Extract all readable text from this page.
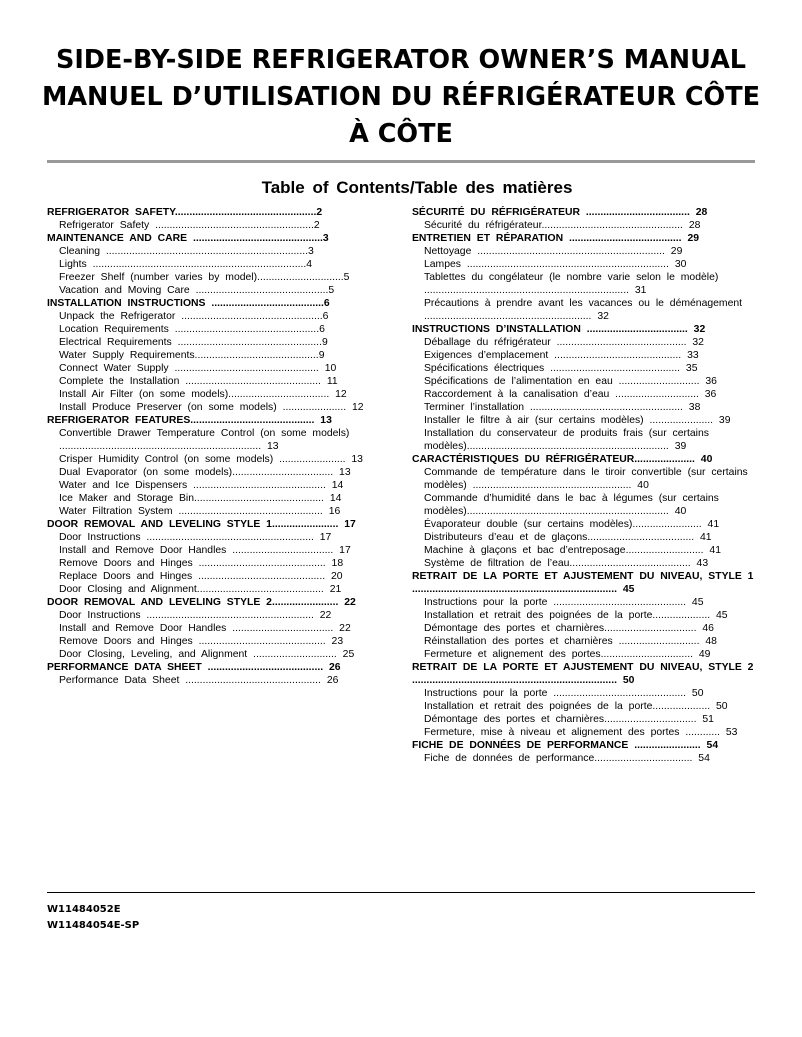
SIDE-BY-SIDE REFRIGERATOR OWNER’S MANUAL
MANUEL D’UTILISATION DU RÉFRIGÉRATEUR CÔTE
À CÔTE
Table of Contents/Table des matières
REFRIGERATOR SAFETY.................................................2
Refrigerator Safety .......................................................2
MAINTENANCE AND CARE .............................................3
Cleaning ......................................................................3
Lights ..........................................................................4
Freezer Shelf (number varies by model)..............................5
Vacation and Moving Care ..............................................5
INSTALLATION INSTRUCTIONS .......................................6
Unpack the Refrigerator .................................................6
Location Requirements ..................................................6
Electrical Requirements ..................................................9
Water Supply Requirements...........................................9
Connect Water Supply .................................................. 10
Complete the Installation ............................................... 11
Install Air Filter (on some models)................................... 12
Install Produce Preserver (on some models) ...................... 12
REFRIGERATOR FEATURES........................................... 13
Convertible Drawer Temperature Control (on some models) ...................................................................... 13
Crisper Humidity Control (on some models) ....................... 13
Dual Evaporator (on some models)................................... 13
Water and Ice Dispensers .............................................. 14
Ice Maker and Storage Bin............................................. 14
Water Filtration System .................................................. 16
DOOR REMOVAL AND LEVELING STYLE 1....................... 17
Door Instructions .......................................................... 17
Install and Remove Door Handles ................................... 17
Remove Doors and Hinges ............................................ 18
Replace Doors and Hinges ............................................ 20
Door Closing and Alignment............................................ 21
DOOR REMOVAL AND LEVELING STYLE 2....................... 22
Door Instructions .......................................................... 22
Install and Remove Door Handles ................................... 22
Remove Doors and Hinges ............................................ 23
Door Closing, Leveling, and Alignment ............................. 25
PERFORMANCE DATA SHEET ........................................ 26
Performance Data Sheet ............................................... 26
SÉCURITÉ DU RÉFRIGÉRATEUR .................................... 28
Sécurité du réfrigérateur................................................. 28
ENTRETIEN ET RÉPARATION ....................................... 29
Nettoyage ................................................................. 29
Lampes ...................................................................... 30
Tablettes du congélateur (le nombre varie selon le modèle) ....................................................................... 31
Précautions à prendre avant les vacances ou le déménagement .......................................................... 32
INSTRUCTIONS D’INSTALLATION ................................... 32
Déballage du réfrigérateur ............................................. 32
Exigences d’emplacement ............................................ 33
Spécifications électriques ............................................. 35
Spécifications de l’alimentation en eau ............................ 36
Raccordement à la canalisation d’eau ............................. 36
Terminer l’installation ..................................................... 38
Installer le filtre à air (sur certains modèles) ...................... 39
Installation du conservateur de produits frais (sur certains modèles)...................................................................... 39
CARACTÉRISTIQUES DU RÉFRIGÉRATEUR..................... 40
Commande de température dans le tiroir convertible (sur certains modèles) ....................................................... 40
Commande d’humidité dans le bac à légumes (sur certains modèles)...................................................................... 40
Évaporateur double (sur certains modèles)........................ 41
Distributeurs d’eau et de glaçons..................................... 41
Machine à glaçons et bac d’entreposage........................... 41
Système de filtration de l’eau.......................................... 43
RETRAIT DE LA PORTE ET AJUSTEMENT DU NIVEAU, STYLE 1 ....................................................................... 45
Instructions pour la porte .............................................. 45
Installation et retrait des poignées de la porte.................... 45
Démontage des portes et charnières................................ 46
Réinstallation des portes et charnières ............................ 48
Fermeture et alignement des portes................................ 49
RETRAIT DE LA PORTE ET AJUSTEMENT DU NIVEAU, STYLE 2 ....................................................................... 50
Instructions pour la porte .............................................. 50
Installation et retrait des poignées de la porte.................... 50
Démontage des portes et charnières................................ 51
Fermeture, mise à niveau et alignement des portes ............ 53
FICHE DE DONNÉES DE PERFORMANCE ....................... 54
Fiche de données de performance.................................. 54
W11484052E
W11484054E-SP
